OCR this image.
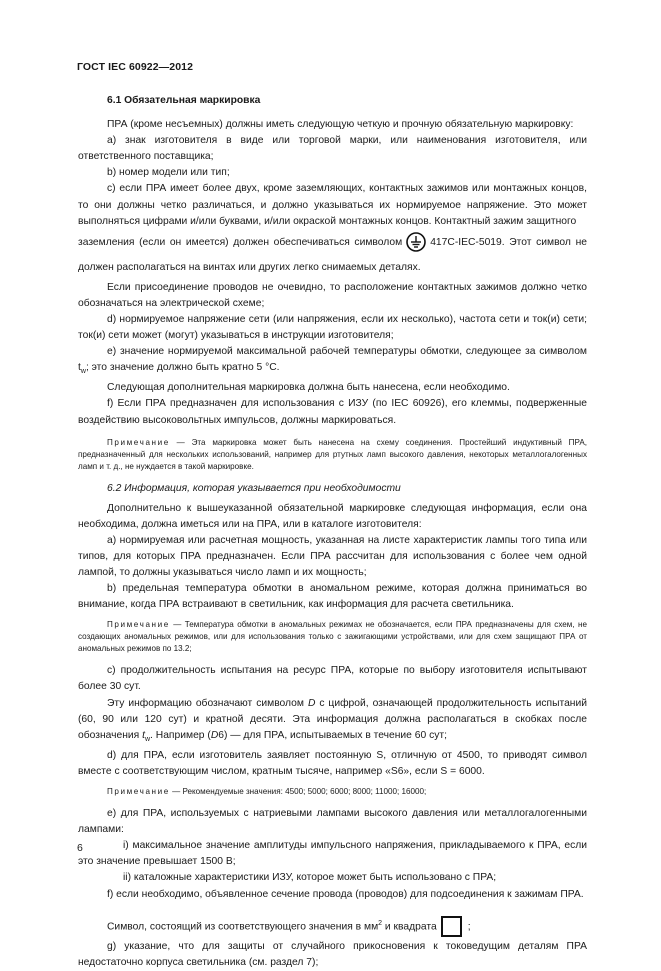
ГОСТ IEC 60922—2012

6.1 Обязательная маркировка

ПРА (кроме несъемных) должны иметь следующую четкую и прочную обязательную маркировку:

a) знак изготовителя в виде или торговой марки, или наименования изготовителя, или ответственного поставщика;

b) номер модели или тип;

c) если ПРА имеет более двух, кроме заземляющих, контактных зажимов или монтажных концов, то они должны четко различаться, и должно указываться их нормируемое напряжение. Это может выполняться цифрами и/или буквами, и/или окраской монтажных концов. Контактный зажим защитного

заземления (если он имеется) должен обеспечиваться символом	417C-IEC-5019. Этот символ не должен располагаться на винтах или других легко снимаемых деталях.

Если присоединение проводов не очевидно, то расположение контактных зажимов должно четко обозначаться на электрической схеме;

d) нормируемое напряжение сети (или напряжения, если их несколько), частота сети и ток(и) сети; ток(и) сети может (могут) указываться в инструкции изготовителя;

e) значение нормируемой максимальной рабочей температуры обмотки, следующее за символом $t_w$; это значение должно быть кратно 5 °C.

Следующая дополнительная маркировка должна быть нанесена, если необходимо.

f) Если ПРА предназначен для использования с ИЗУ (по IEC 60926), его клеммы, подверженные воздействию высоковольтных импульсов, должны маркироваться.

Примечание — Эта маркировка может быть нанесена на схему соединения. Простейший индуктивный ПРА, предназначенный для нескольких использований, например для ртутных ламп высокого давления, некоторых металлогалогенных ламп и т. д., не нуждается в такой маркировке.

6.2 Информация, которая указывается при необходимости

Дополнительно к вышеуказанной обязательной маркировке следующая информация, если она необходима, должна иметься или на ПРА, или в каталоге изготовителя:

a) нормируемая или расчетная мощность, указанная на листе характеристик лампы того типа или типов, для которых ПРА предназначен. Если ПРА рассчитан для использования с более чем одной лампой, то должны указываться число ламп и их мощность;

b) предельная температура обмотки в аномальном режиме, которая должна приниматься во внимание, когда ПРА встраивают в светильник, как информация для расчета светильника.

Примечание — Температура обмотки в аномальных режимах не обозначается, если ПРА предназначены для схем, не создающих аномальных режимов, или для использования только с зажигающими устройствами, или для схем защищают ПРА от аномальных режимов по 13.2;

c) продолжительность испытания на ресурс ПРА, которые по выбору изготовителя испытывают более 30 сут.

Эту информацию обозначают символом D с цифрой, означающей продолжительность испытаний (60, 90 или 120 сут) и кратной десяти. Эта информация должна располагаться в скобках после обозначения $t_w$. Например (D6) — для ПРА, испытываемых в течение 60 сут;

d) для ПРА, если изготовитель заявляет постоянную S, отличную от 4500, то приводят символ вместе с соответствующим числом, кратным тысяче, например «S6», если S = 6000.

Примечание — Рекомендуемые значения: 4500; 5000; 6000; 8000; 11000; 16000;

e) для ПРА, используемых с натриевыми лампами высокого давления или металлогалогенными лампами:

i) максимальное значение амплитуды импульсного напряжения, прикладываемого к ПРА, если это значение превышает 1500 В;

ii) каталожные характеристики ИЗУ, которое может быть использовано с ПРА;

f) если необходимо, объявленное сечение провода (проводов) для подсоединения к зажимам ПРА.

Символ, состоящий из соответствующего значения в $мм^2$ и квадрата	;

g) указание, что для защиты от случайного прикосновения к токоведущим деталям ПРА недостаточно корпуса светильника (см. раздел 7);

6
